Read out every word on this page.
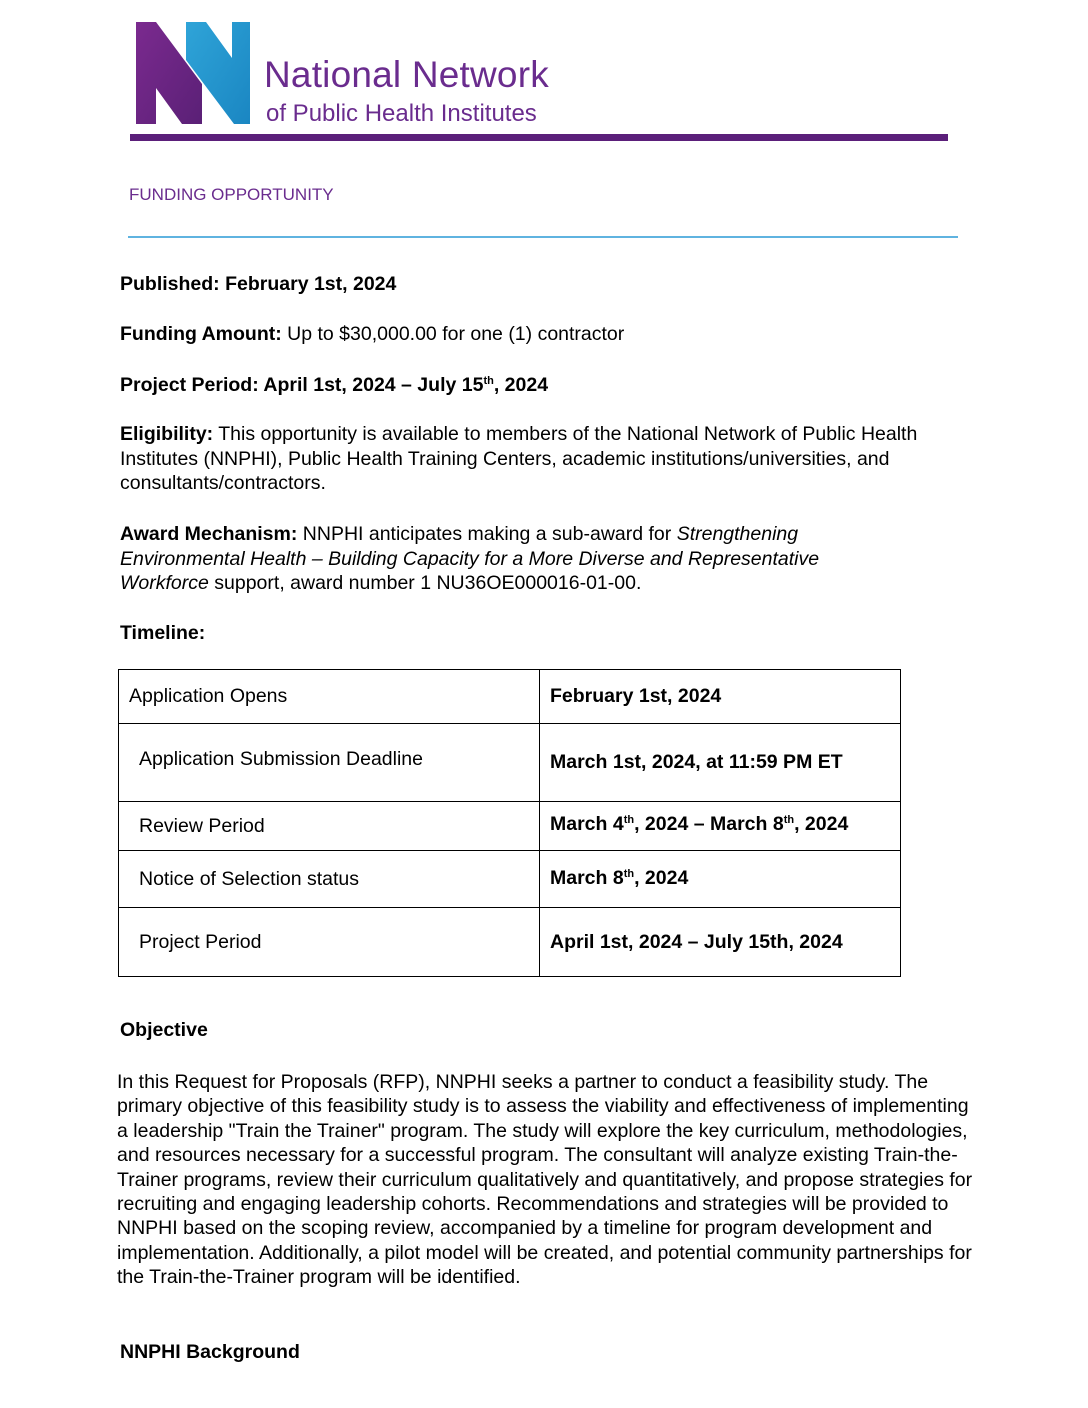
National Network
of Public Health Institutes
FUNDING OPPORTUNITY
Published: February 1st, 2024
Funding Amount: Up to $30,000.00 for one (1) contractor
Project Period: April 1st, 2024 – July 15th, 2024
Eligibility: This opportunity is available to members of the National Network of Public Health Institutes (NNPHI), Public Health Training Centers, academic institutions/universities, and consultants/contractors.
Award Mechanism: NNPHI anticipates making a sub-award for Strengthening Environmental Health – Building Capacity for a More Diverse and Representative Workforce support, award number 1 NU36OE000016-01-00.
Timeline:
Application Opens	February 1st, 2024
Application Submission Deadline	March 1st, 2024, at 11:59 PM ET
Review Period	March 4th, 2024 – March 8th, 2024
Notice of Selection status	March 8th, 2024
Project Period	April 1st, 2024 – July 15th, 2024
Objective
In this Request for Proposals (RFP), NNPHI seeks a partner to conduct a feasibility study. The primary objective of this feasibility study is to assess the viability and effectiveness of implementing a leadership "Train the Trainer" program. The study will explore the key curriculum, methodologies, and resources necessary for a successful program. The consultant will analyze existing Train-the-Trainer programs, review their curriculum qualitatively and quantitatively, and propose strategies for recruiting and engaging leadership cohorts. Recommendations and strategies will be provided to NNPHI based on the scoping review, accompanied by a timeline for program development and implementation. Additionally, a pilot model will be created, and potential community partnerships for the Train-the-Trainer program will be identified.
NNPHI Background
